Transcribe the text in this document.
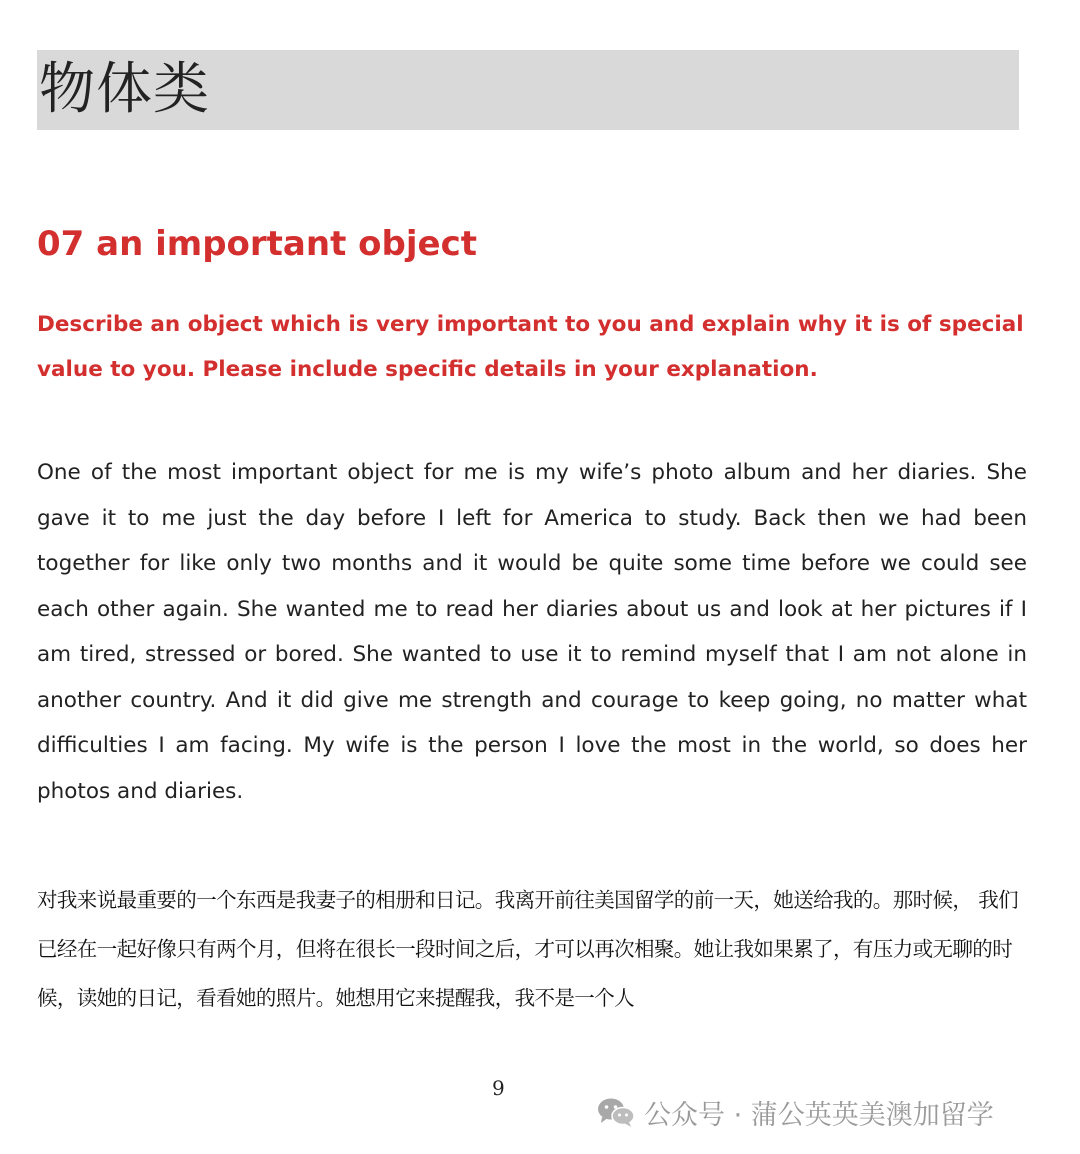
物体类
07 an important object

Describe an object which is very important to you and explain why it is of special value to you. Please include specific details in your explanation.

One of the most important object for me is my wife’s photo album and her diaries. She gave it to me just the day before I left for America to study. Back then we had been together for like only two months and it would be quite some time before we could see each other again. She wanted me to read her diaries about us and look at her pictures if I am tired, stressed or bored. She wanted to use it to remind myself that I am not alone in another country. And it did give me strength and courage to keep going, no matter what difficulties I am facing. My wife is the person I love the most in the world, so does her photos and diaries.

对我来说最重要的一个东西是我妻子的相册和日记。我离开前往美国留学的前一天，她送给我的。那时候， 我们已经在一起好像只有两个月，但将在很长一段时间之后，才可以再次相聚。她让我如果累了，有压力或无聊的时候，读她的日记，看看她的照片。她想用它来提醒我，我不是一个人

9
公众号 · 蒲公英英美澳加留学
